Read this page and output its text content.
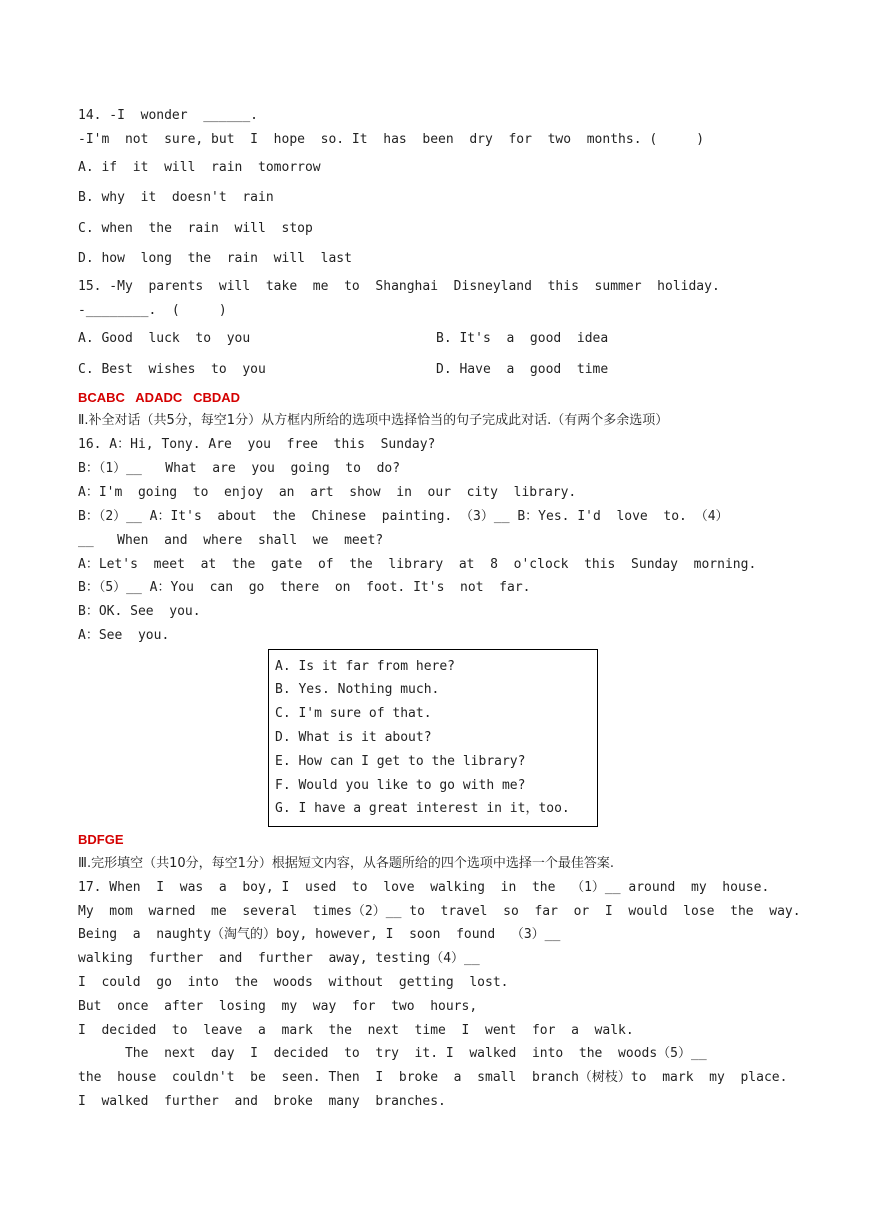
14. -I  wonder  ______.
-I'm  not  sure, but  I  hope  so. It  has  been  dry  for  two  months. (     )
A. if  it  will  rain  tomorrow
B. why  it  doesn't  rain
C. when  the  rain  will  stop
D. how  long  the  rain  will  last
15. -My  parents  will  take  me  to  Shanghai  Disneyland  this  summer  holiday.
-________.  (     )
A. Good  luck  to  you	B. It's  a  good  idea
C. Best  wishes  to  you	D. Have  a  good  time
BCABC   ADADC   CBDAD
Ⅱ.补全对话（共5分，每空1分）从方框内所给的选项中选择恰当的句子完成此对话.（有两个多余选项）
16. A：Hi, Tony. Are  you  free  this  Sunday?
B：（1）__   What  are  you  going  to  do?
A：I'm  going  to  enjoy  an  art  show  in  our  city  library.
B：（2）__ A：It's  about  the  Chinese  painting. （3）__ B：Yes. I'd  love  to. （4）
__   When  and  where  shall  we  meet?
A：Let's  meet  at  the  gate  of  the  library  at  8  o'clock  this  Sunday  morning.
B：（5）__ A：You  can  go  there  on  foot. It's  not  far.
B：OK. See  you.
A：See  you.
A. Is it far from here?
B. Yes. Nothing much.
C. I'm sure of that.
D. What is it about?
E. How can I get to the library?
F. Would you like to go with me?
G. I have a great interest in it，too.
BDFGE
Ⅲ.完形填空（共10分，每空1分）根据短文内容，从各题所给的四个选项中选择一个最佳答案.
17. When  I  was  a  boy, I  used  to  love  walking  in  the  （1）__ around  my  house.
My  mom  warned  me  several  times（2）__ to  travel  so  far  or  I  would  lose  the  way.
Being  a  naughty（淘气的）boy, however, I  soon  found  （3）__
walking  further  and  further  away, testing（4）__
I  could  go  into  the  woods  without  getting  lost.
But  once  after  losing  my  way  for  two  hours,
I  decided  to  leave  a  mark  the  next  time  I  went  for  a  walk.
The  next  day  I  decided  to  try  it. I  walked  into  the  woods（5）__
the  house  couldn't  be  seen. Then  I  broke  a  small  branch（树枝）to  mark  my  place.
I  walked  further  and  broke  many  branches.
